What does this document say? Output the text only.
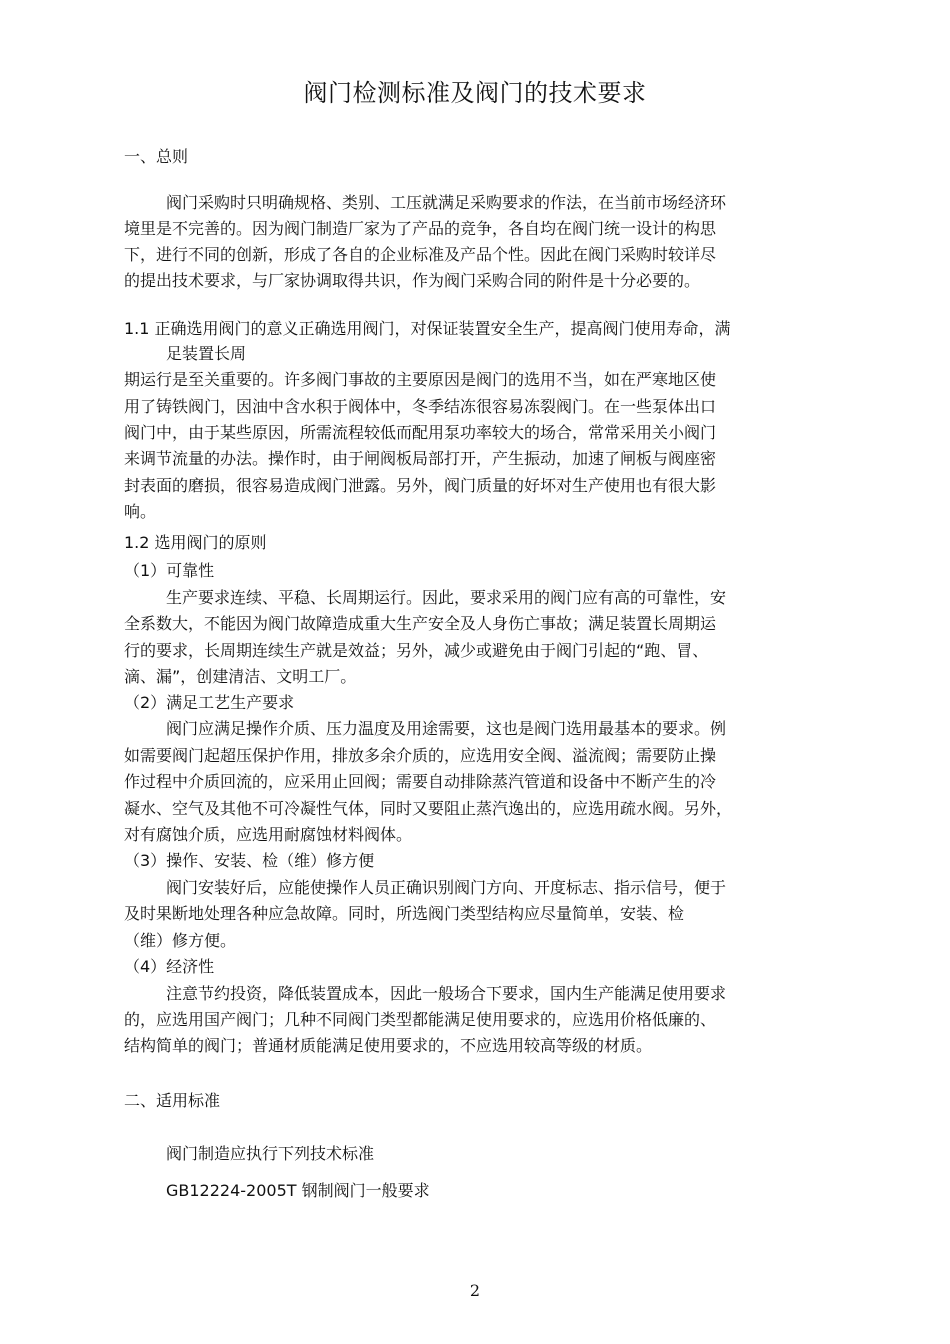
阀门检测标准及阀门的技术要求
一、总则
阀门采购时只明确规格、类别、工压就满足采购要求的作法，在当前市场经济环
境里是不完善的。因为阀门制造厂家为了产品的竞争，各自均在阀门统一设计的构思
下，进行不同的创新，形成了各自的企业标准及产品个性。因此在阀门采购时较详尽
的提出技术要求，与厂家协调取得共识，作为阀门采购合同的附件是十分必要的。
1.1 正确选用阀门的意义正确选用阀门，对保证装置安全生产，提高阀门使用寿命，满
足装置长周
期运行是至关重要的。许多阀门事故的主要原因是阀门的选用不当，如在严寒地区使
用了铸铁阀门，因油中含水积于阀体中，冬季结冻很容易冻裂阀门。在一些泵体出口
阀门中，由于某些原因，所需流程较低而配用泵功率较大的场合，常常采用关小阀门
来调节流量的办法。操作时，由于闸阀板局部打开，产生振动，加速了闸板与阀座密
封表面的磨损，很容易造成阀门泄露。另外，阀门质量的好坏对生产使用也有很大影
响。
1.2 选用阀门的原则
（1）可靠性
生产要求连续、平稳、长周期运行。因此，要求采用的阀门应有高的可靠性，安
全系数大，不能因为阀门故障造成重大生产安全及人身伤亡事故；满足装置长周期运
行的要求，长周期连续生产就是效益；另外，减少或避免由于阀门引起的“跑、冒、
滴、漏”，创建清洁、文明工厂。
（2）满足工艺生产要求
阀门应满足操作介质、压力温度及用途需要，这也是阀门选用最基本的要求。例
如需要阀门起超压保护作用，排放多余介质的，应选用安全阀、溢流阀；需要防止操
作过程中介质回流的，应采用止回阀；需要自动排除蒸汽管道和设备中不断产生的冷
凝水、空气及其他不可冷凝性气体，同时又要阻止蒸汽逸出的，应选用疏水阀。另外，
对有腐蚀介质，应选用耐腐蚀材料阀体。
（3）操作、安装、检（维）修方便
阀门安装好后，应能使操作人员正确识别阀门方向、开度标志、指示信号，便于
及时果断地处理各种应急故障。同时，所选阀门类型结构应尽量简单，安装、检
（维）修方便。
（4）经济性
注意节约投资，降低装置成本，因此一般场合下要求，国内生产能满足使用要求
的，应选用国产阀门；几种不同阀门类型都能满足使用要求的，应选用价格低廉的、
结构简单的阀门；普通材质能满足使用要求的，不应选用较高等级的材质。
二、适用标准
阀门制造应执行下列技术标准
GB12224-2005T 钢制阀门一般要求
2
